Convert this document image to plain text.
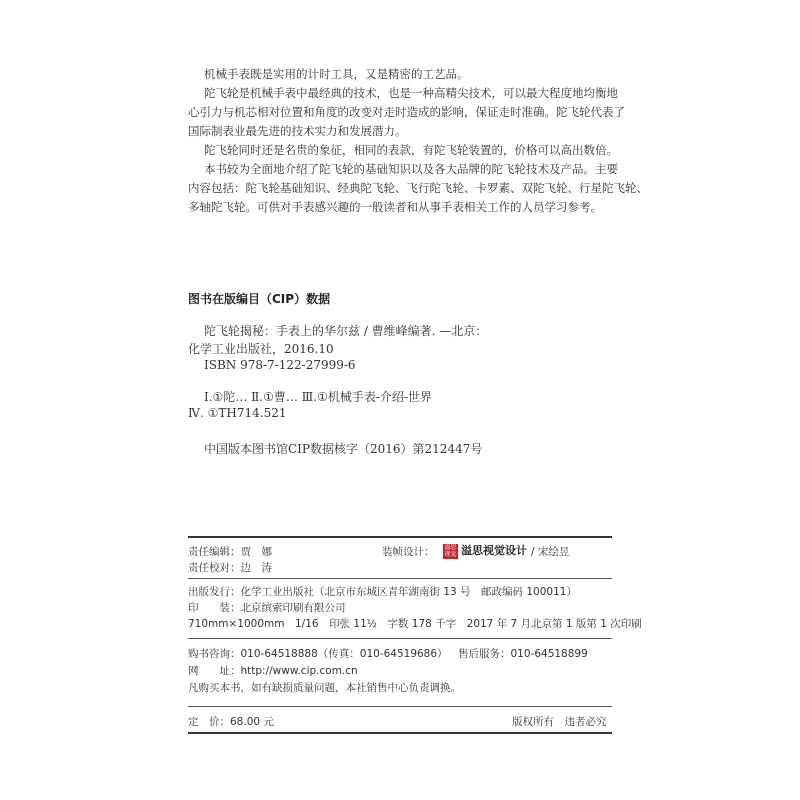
机械手表既是实用的计时工具，又是精密的工艺品。
陀飞轮是机械手表中最经典的技术，也是一种高精尖技术，可以最大程度地均衡地
心引力与机芯相对位置和角度的改变对走时造成的影响，保证走时准确。陀飞轮代表了
国际制表业最先进的技术实力和发展潜力。
陀飞轮同时还是名贵的象征，相同的表款，有陀飞轮装置的，价格可以高出数倍。
本书较为全面地介绍了陀飞轮的基础知识以及各大品牌的陀飞轮技术及产品。主要
内容包括：陀飞轮基础知识、经典陀飞轮、飞行陀飞轮、卡罗素、双陀飞轮、行星陀飞轮、
多轴陀飞轮。可供对手表感兴趣的一般读者和从事手表相关工作的人员学习参考。
图书在版编目（CIP）数据
陀飞轮揭秘：手表上的华尔兹 / 曹维峰编著. —北京：
化学工业出版社，2016.10
ISBN 978-7-122-27999-6
Ⅰ.①陀… Ⅱ.①曹… Ⅲ.①机械手表-介绍-世界
Ⅳ. ①TH714.521
中国版本图书馆CIP数据核字（2016）第212447号
责任编辑：贾　娜
责任校对：边　涛
装帧设计： 溢思视觉 溢思视觉设计 / 宋绘昱
出版发行：化学工业出版社（北京市东城区青年湖南街 13 号　邮政编码 100011）
印　　装：北京缤索印刷有限公司
710mm×1000mm　1/16　印张 11½　字数 178 千字　2017 年 7 月北京第 1 版第 1 次印刷
购书咨询：010-64518888（传真：010-64519686） 售后服务：010-64518899
网　　址：http://www.cip.com.cn
凡购买本书，如有缺损质量问题，本社销售中心负责调换。
定　价：68.00 元	版权所有　违者必究
